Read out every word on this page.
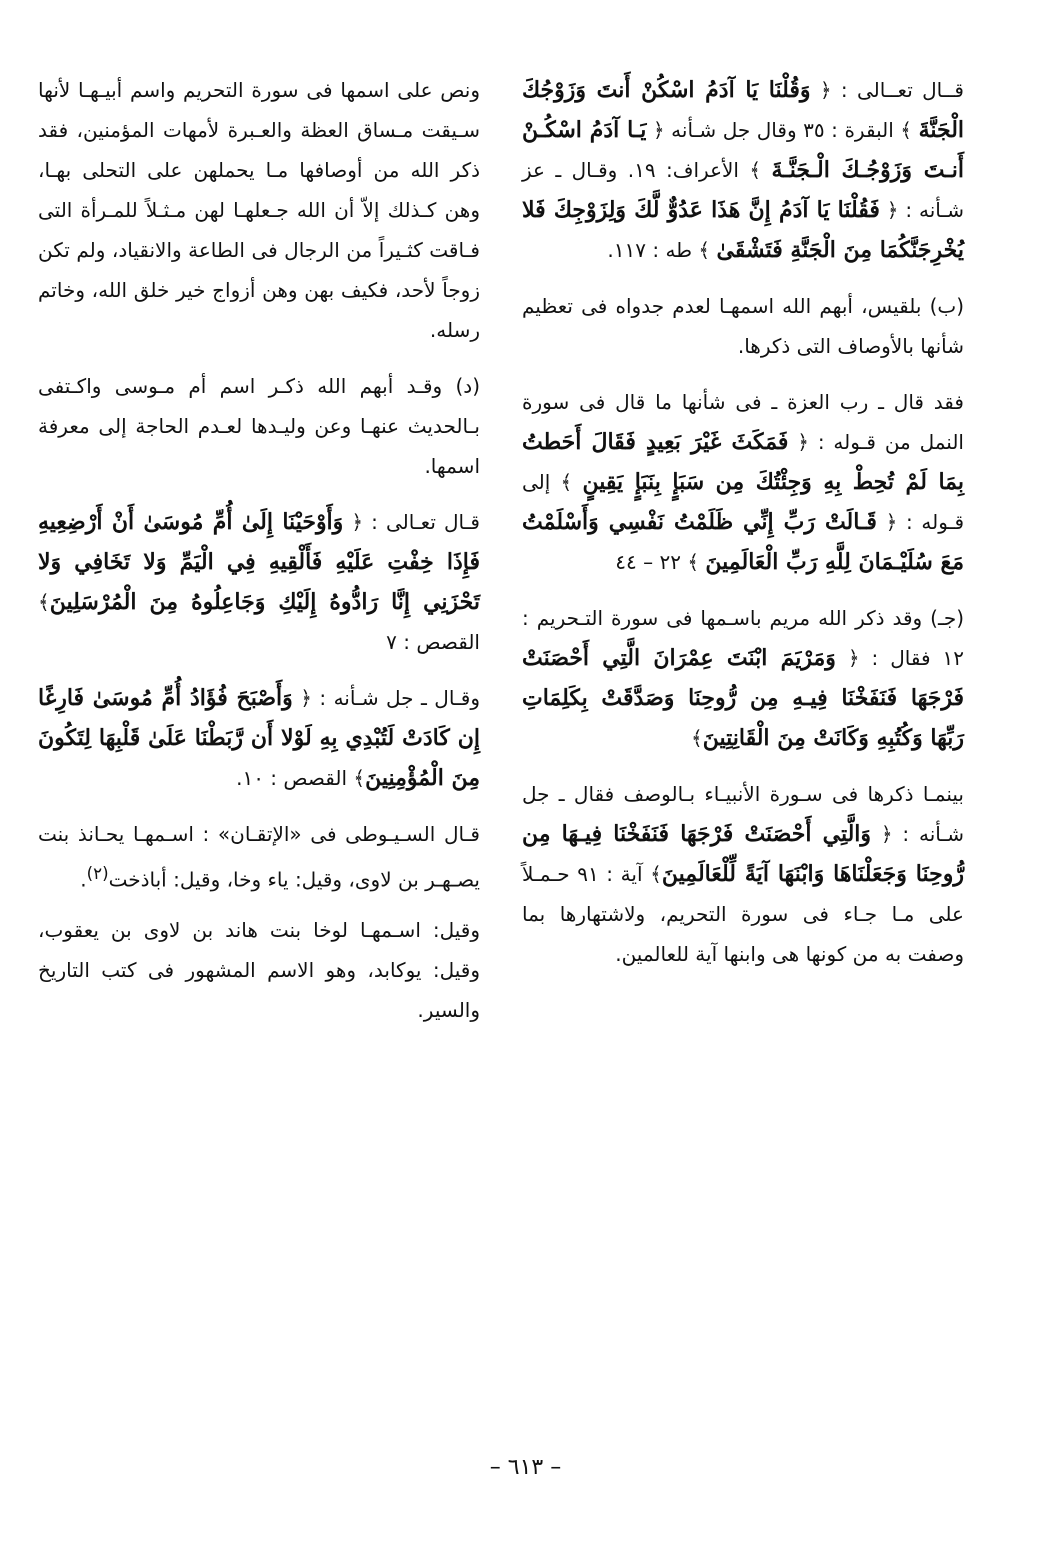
قــال تعــالى : ﴿ وَقُلْنَا يَا آدَمُ اسْكُنْ أَنتَ وَزَوْجُكَ الْجَنَّةَ ﴾ البقرة : ٣٥ وقال جل شـأنه ﴿ يَـا آدَمُ اسْكُـنْ أَنـتَ وَزَوْجُـكَ الْـجَنَّـةَ ﴾ الأعراف: ١٩. وقـال ـ عز شـأنه : ﴿ فَقُلْنَا يَا آدَمُ إِنَّ هَذَا عَدُوٌّ لَّكَ وَلِزَوْجِكَ فَلا يُخْرِجَنَّكُمَا مِنَ الْجَنَّةِ فَتَشْقَىٰ ﴾ طه : ١١٧.

(ب) بلقيس، أبهم الله اسمهـا لعدم جدواه فى تعظيم شأنها بالأوصاف التى ذكرها.

فقد قال ـ رب العزة ـ فى شأنها ما قال فى سورة النمل من قـوله : ﴿ فَمَكَثَ غَيْرَ بَعِيدٍ فَقَالَ أَحَطتُ بِمَا لَمْ تُحِطْ بِهِ وَجِئْتُكَ مِن سَبَإٍ بِنَبَإٍ يَقِينٍ ﴾ إلى قـوله : ﴿ قَـالَتْ رَبِّ إِنِّي ظَلَمْتُ نَفْسِي وَأَسْلَمْتُ مَعَ سُلَيْـمَانَ لِلَّهِ رَبِّ الْعَالَمِينَ ﴾ ٢٢ – ٤٤

(جـ) وقد ذكر الله مريم باسـمها فى سورة التـحريم : ١٢ فقال : ﴿ وَمَرْيَمَ ابْنَتَ عِمْرَانَ الَّتِي أَحْصَنَتْ فَرْجَهَا فَنَفَخْنَا فِيـهِ مِن رُّوحِنَا وَصَدَّقَتْ بِكَلِمَاتِ رَبِّهَا وَكُتُبِهِ وَكَانَتْ مِنَ الْقَانِتِينَ﴾

بينمـا ذكرها فى سـورة الأنبيـاء بـالوصف فقال ـ جل شـأنه : ﴿ وَالَّتِي أَحْصَنَتْ فَرْجَهَا فَنَفَخْنَا فِيـهَا مِن رُّوحِنَا وَجَعَلْنَاهَا وَابْنَهَا آيَةً لِّلْعَالَمِينَ﴾ آية : ٩١ حـمـلاً على مـا جـاء فى سورة التحريم، ولاشتهارها بما وصفت به من كونها هى وابنها آية للعالمين.

ونص على اسمها فى سورة التحريم واسم أبيـهـا لأنها سـيقت مـساق العظة والعـبرة لأمهات المؤمنين، فقد ذكر الله من أوصافها مـا يحملهن على التحلى بهـا، وهن كـذلك إلاّ أن الله جـعلهـا لهن مـثـلاً للمـرأة التى فـاقت كثـيراً من الرجال فى الطاعة والانقياد، ولم تكن زوجاً لأحد، فكيف بهن وهن أزواج خير خلق الله، وخاتم رسله.

(د) وقـد أبهم الله ذكـر اسم أم مـوسى واكـتفى بـالحديث عنهـا وعن وليـدها لعـدم الحاجة إلى معرفة اسمها.

قـال تعـالى : ﴿ وَأَوْحَيْنَا إِلَىٰ أُمِّ مُوسَىٰ أَنْ أَرْضِعِيهِ فَإِذَا خِفْتِ عَلَيْهِ فَأَلْقِيهِ فِي الْيَمِّ وَلا تَخَافِي وَلا تَحْزَنِي إِنَّا رَادُّوهُ إِلَيْكِ وَجَاعِلُوهُ مِنَ الْمُرْسَلِينَ﴾ القصص : ٧

وقـال ـ جل شـأنه : ﴿ وَأَصْبَحَ فُؤَادُ أُمِّ مُوسَىٰ فَارِغًا إِن كَادَتْ لَتُبْدِي بِهِ لَوْلا أَن رَّبَطْنَا عَلَىٰ قَلْبِهَا لِتَكُونَ مِنَ الْمُؤْمِنِينَ﴾ القصص : ١٠.

قـال السـيـوطى فى «الإتقـان» : اسـمهـا يحـانذ بنت يصـهـر بن لاوى، وقيل: ياء وخا، وقيل: أباذخت$^{(٢)}$.

وقيل: اسـمهـا لوخا بنت هاند بن لاوى بن يعقوب، وقيل: يوكابد، وهو الاسم المشهور فى كتب التاريخ والسير.

– ٦١٣ –
